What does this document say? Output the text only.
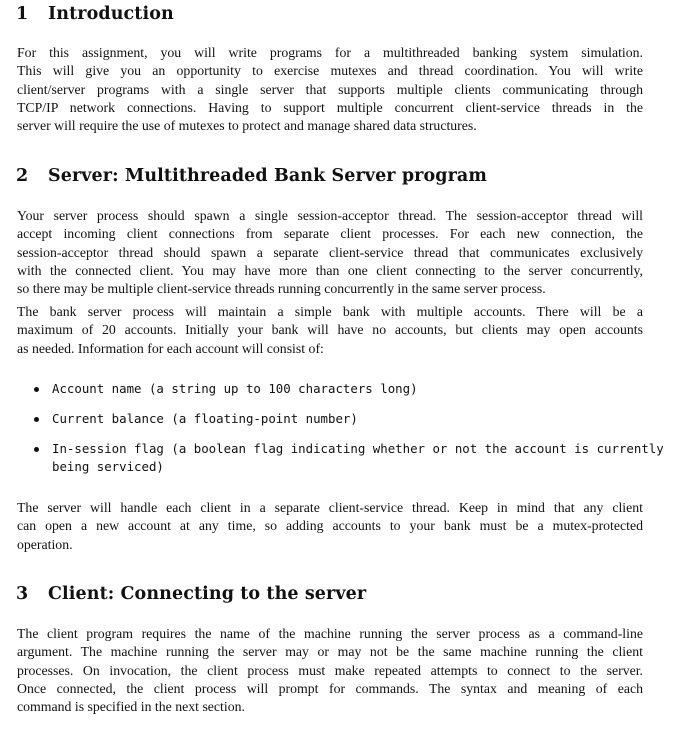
1 Introduction

For this assignment, you will write programs for a multithreaded banking system simulation.
This will give you an opportunity to exercise mutexes and thread coordination. You will write
client/server programs with a single server that supports multiple clients communicating through
TCP/IP network connections. Having to support multiple concurrent client-service threads in the
server will require the use of mutexes to protect and manage shared data structures.

2 Server: Multithreaded Bank Server program

Your server process should spawn a single session-acceptor thread. The session-acceptor thread will
accept incoming client connections from separate client processes. For each new connection, the
session-acceptor thread should spawn a separate client-service thread that communicates exclusively
with the connected client. You may have more than one client connecting to the server concurrently,
so there may be multiple client-service threads running concurrently in the same server process.

The bank server process will maintain a simple bank with multiple accounts. There will be a
maximum of 20 accounts. Initially your bank will have no accounts, but clients may open accounts
as needed. Information for each account will consist of:

Account name (a string up to 100 characters long)
Current balance (a floating-point number)
In-session flag (a boolean flag indicating whether or not the account is currently
being serviced)

The server will handle each client in a separate client-service thread. Keep in mind that any client
can open a new account at any time, so adding accounts to your bank must be a mutex-protected
operation.

3 Client: Connecting to the server

The client program requires the name of the machine running the server process as a command-line
argument. The machine running the server may or may not be the same machine running the client
processes. On invocation, the client process must make repeated attempts to connect to the server.
Once connected, the client process will prompt for commands. The syntax and meaning of each
command is specified in the next section.
